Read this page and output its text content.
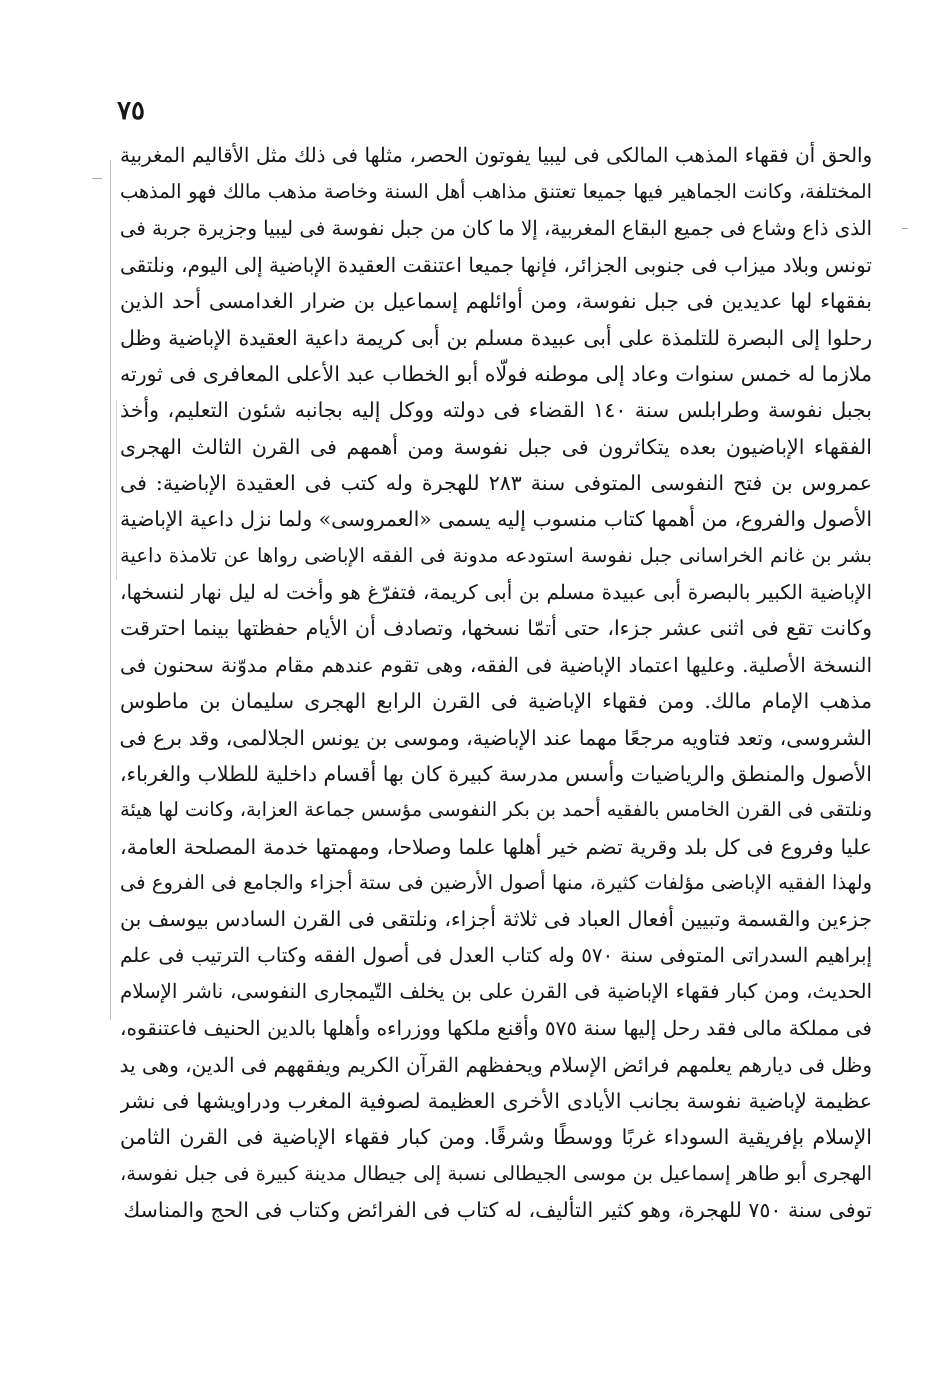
٧٥
والحق أن فقهاء المذهب المالكى فى ليبيا يفوتون الحصر، مثلها فى ذلك مثل الأقاليم المغربية
المختلفة، وكانت الجماهير فيها جميعا تعتنق مذاهب أهل السنة وخاصة مذهب مالك فهو المذهب
الذى ذاع وشاع فى جميع البقاع المغربية، إلا ما كان من جبل نفوسة فى ليبيا وجزيرة جربة فى
تونس وبلاد ميزاب فى جنوبى الجزائر، فإنها جميعا اعتنقت العقيدة الإباضية إلى اليوم، ونلتقى
بفقهاء لها عديدين فى جبل نفوسة، ومن أوائلهم إسماعيل بن ضرار الغدامسى أحد الذين
رحلوا إلى البصرة للتلمذة على أبى عبيدة مسلم بن أبى كريمة داعية العقيدة الإباضية وظل
ملازما له خمس سنوات وعاد إلى موطنه فولّاه أبو الخطاب عبد الأعلى المعافرى فى ثورته
بجبل نفوسة وطرابلس سنة ١٤٠ القضاء فى دولته ووكل إليه بجانبه شئون التعليم، وأخذ
الفقهاء الإباضيون بعده يتكاثرون فى جبل نفوسة ومن أهمهم فى القرن الثالث الهجرى
عمروس بن فتح النفوسى المتوفى سنة ٢٨٣ للهجرة وله كتب فى العقيدة الإباضية: فى
الأصول والفروع، من أهمها كتاب منسوب إليه يسمى «العمروسى» ولما نزل داعية الإباضية
بشر بن غانم الخراسانى جبل نفوسة استودعه مدونة فى الفقه الإباضى رواها عن تلامذة داعية
الإباضية الكبير بالبصرة أبى عبيدة مسلم بن أبى كريمة، فتفرّغ هو وأخت له ليل نهار لنسخها،
وكانت تقع فى اثنى عشر جزءا، حتى أتمّا نسخها، وتصادف أن الأيام حفظتها بينما احترقت
النسخة الأصلية. وعليها اعتماد الإباضية فى الفقه، وهى تقوم عندهم مقام مدوّنة سحنون فى
مذهب الإمام مالك. ومن فقهاء الإباضية فى القرن الرابع الهجرى سليمان بن ماطوس
الشروسى، وتعد فتاويه مرجعًا مهما عند الإباضية، وموسى بن يونس الجلالمى، وقد برع فى
الأصول والمنطق والرياضيات وأسس مدرسة كبيرة كان بها أقسام داخلية للطلاب والغرباء،
ونلتقى فى القرن الخامس بالفقيه أحمد بن بكر النفوسى مؤسس جماعة العزابة، وكانت لها هيئة
عليا وفروع فى كل بلد وقرية تضم خير أهلها علما وصلاحا، ومهمتها خدمة المصلحة العامة،
ولهذا الفقيه الإباضى مؤلفات كثيرة، منها أصول الأرضين فى ستة أجزاء والجامع فى الفروع فى
جزءين والقسمة وتبيين أفعال العباد فى ثلاثة أجزاء، ونلتقى فى القرن السادس بيوسف بن
إبراهيم السدراتى المتوفى سنة ٥٧٠ وله كتاب العدل فى أصول الفقه وكتاب الترتيب فى علم
الحديث، ومن كبار فقهاء الإباضية فى القرن على بن يخلف التّيمجارى النفوسى، ناشر الإسلام
فى مملكة مالى فقد رحل إليها سنة ٥٧٥ وأقنع ملكها ووزراءه وأهلها بالدين الحنيف فاعتنقوه،
وظل فى ديارهم يعلمهم فرائض الإسلام ويحفظهم القرآن الكريم ويفقههم فى الدين، وهى يد
عظيمة لإباضية نفوسة بجانب الأيادى الأخرى العظيمة لصوفية المغرب ودراويشها فى نشر
الإسلام بإفريقية السوداء غربًا ووسطًا وشرقًا. ومن كبار فقهاء الإباضية فى القرن الثامن
الهجرى أبو طاهر إسماعيل بن موسى الجيطالى نسبة إلى جيطال مدينة كبيرة فى جبل نفوسة،
توفى سنة ٧٥٠ للهجرة، وهو كثير التأليف، له كتاب فى الفرائض وكتاب فى الحج والمناسك
